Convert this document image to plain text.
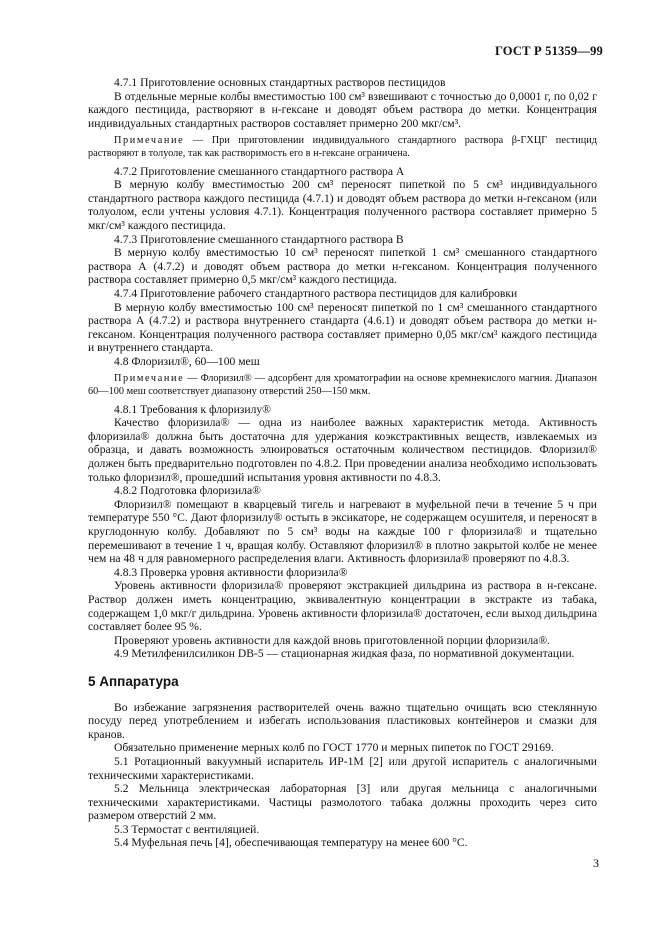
ГОСТ Р 51359—99

4.7.1 Приготовление основных стандартных растворов пестицидов

В отдельные мерные колбы вместимостью 100 см³ взвешивают с точностью до 0,0001 г, по 0,02 г каждого пестицида, растворяют в н-гексане и доводят объем раствора до метки. Концентрация индивидуальных стандартных растворов составляет примерно 200 мкг/см³.

Примечание — При приготовлении индивидуального стандартного раствора β-ГХЦГ пестицид растворяют в толуоле, так как растворимость его в н-гексане ограничена.

4.7.2 Приготовление смешанного стандартного раствора А

В мерную колбу вместимостью 200 см³ переносят пипеткой по 5 см³ индивидуального стандартного раствора каждого пестицида (4.7.1) и доводят объем раствора до метки н-гексаном (или толуолом, если учтены условия 4.7.1). Концентрация полученного раствора составляет примерно 5 мкг/см³ каждого пестицида.

4.7.3 Приготовление смешанного стандартного раствора В

В мерную колбу вместимостью 10 см³ переносят пипеткой 1 см³ смешанного стандартного раствора А (4.7.2) и доводят объем раствора до метки н-гексаном. Концентрация полученного раствора составляет примерно 0,5 мкг/см³ каждого пестицида.

4.7.4 Приготовление рабочего стандартного раствора пестицидов для калибровки

В мерную колбу вместимостью 100 см³ переносят пипеткой по 1 см³ смешанного стандартного раствора А (4.7.2) и раствора внутреннего стандарта (4.6.1) и доводят объем раствора до метки н-гексаном. Концентрация полученного раствора составляет примерно 0,05 мкг/см³ каждого пестицида и внутреннего стандарта.

4.8 Флоризил®, 60—100 меш

Примечание — Флоризил® — адсорбент для хроматографии на основе кремнекислого магния. Диапазон 60—100 меш соответствует диапазону отверстий 250—150 мкм.

4.8.1 Требования к флоризилу®

Качество флоризила® — одна из наиболее важных характеристик метода. Активность флоризила® должна быть достаточна для удержания коэкстрактивных веществ, извлекаемых из образца, и давать возможность элюироваться остаточным количеством пестицидов. Флоризил® должен быть предварительно подготовлен по 4.8.2. При проведении анализа необходимо использовать только флоризил®, прошедший испытания уровня активности по 4.8.3.

4.8.2 Подготовка флоризила®

Флоризил® помещают в кварцевый тигель и нагревают в муфельной печи в течение 5 ч при температуре 550 °С. Дают флоризилу® остыть в эксикаторе, не содержащем осушителя, и переносят в круглодонную колбу. Добавляют по 5 см³ воды на каждые 100 г флоризила® и тщательно перемешивают в течение 1 ч, вращая колбу. Оставляют флоризил® в плотно закрытой колбе не менее чем на 48 ч для равномерного распределения влаги. Активность флоризила® проверяют по 4.8.3.

4.8.3 Проверка уровня активности флоризила®

Уровень активности флоризила® проверяют экстракцией дильдрина из раствора в н-гексане. Раствор должен иметь концентрацию, эквивалентную концентрации в экстракте из табака, содержащем 1,0 мкг/г дильдрина. Уровень активности флоризила® достаточен, если выход дильдрина составляет более 95 %.

Проверяют уровень активности для каждой вновь приготовленной порции флоризила®.

4.9 Метилфенилсиликон DB-5 — стационарная жидкая фаза, по нормативной документации.

5 Аппаратура

Во избежание загрязнения растворителей очень важно тщательно очищать всю стеклянную посуду перед употреблением и избегать использования пластиковых контейнеров и смазки для кранов.

Обязательно применение мерных колб по ГОСТ 1770 и мерных пипеток по ГОСТ 29169.

5.1 Ротационный вакуумный испаритель ИР-1М [2] или другой испаритель с аналогичными техническими характеристиками.

5.2 Мельница электрическая лабораторная [3] или другая мельница с аналогичными техническими характеристиками. Частицы размолотого табака должны проходить через сито размером отверстий 2 мм.

5.3 Термостат с вентиляцией.

5.4 Муфельная печь [4], обеспечивающая температуру на менее 600 °С.

3
